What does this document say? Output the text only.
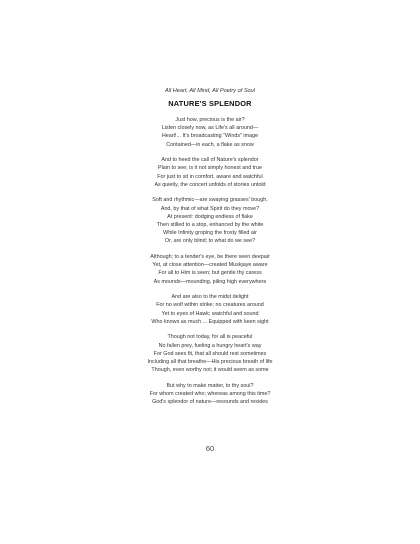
All Heart, All Mind, All Poetry of Soul
NATURE'S SPLENDOR
Just how, precious is the air?
Listen closely now, as Life's all around—
Heart!... It's broadcasting "Winds" image
Contained—in each, a flake as snow
And to heed the call of Nature's splendor
Plain to see; is it not simply honest and true
For just to sit in comfort, aware and watchful
As quietly, the concert unfolds of stories untold
Soft and rhythmic—are swaying grasses' bough,
And, by that of what Spirit do they move?
At present: dodging endless of flake
Then stilled to a stop, enhanced by the white
While Infinity groping the frosty filled air
Or, are only blind; to what do we see?
Although; to a tender's eye, be there seen deepair
Yet, at close attention—created Muskjaye aware
For all to Him is seen; but gentle thy caress
As mounds—mounding, piling high everywhere
And are also to the midst delight
For no wolf within strike; no creatures around
Yet to eyes of Hawk; watchful and sound
Who knows as much ... Equipped with keen sight
Though not today, for all is peaceful
No fallen prey, fueling a hungry heart's way
For God sees fit, that all should rest sometimes
Including all that breathe—His precious breath of life
Though, even worthy not; it would seem as some
But why to make matter, to thy soul?
For whom created who; whereas among this time?
God's splendor of nature—resounds and resides
60
